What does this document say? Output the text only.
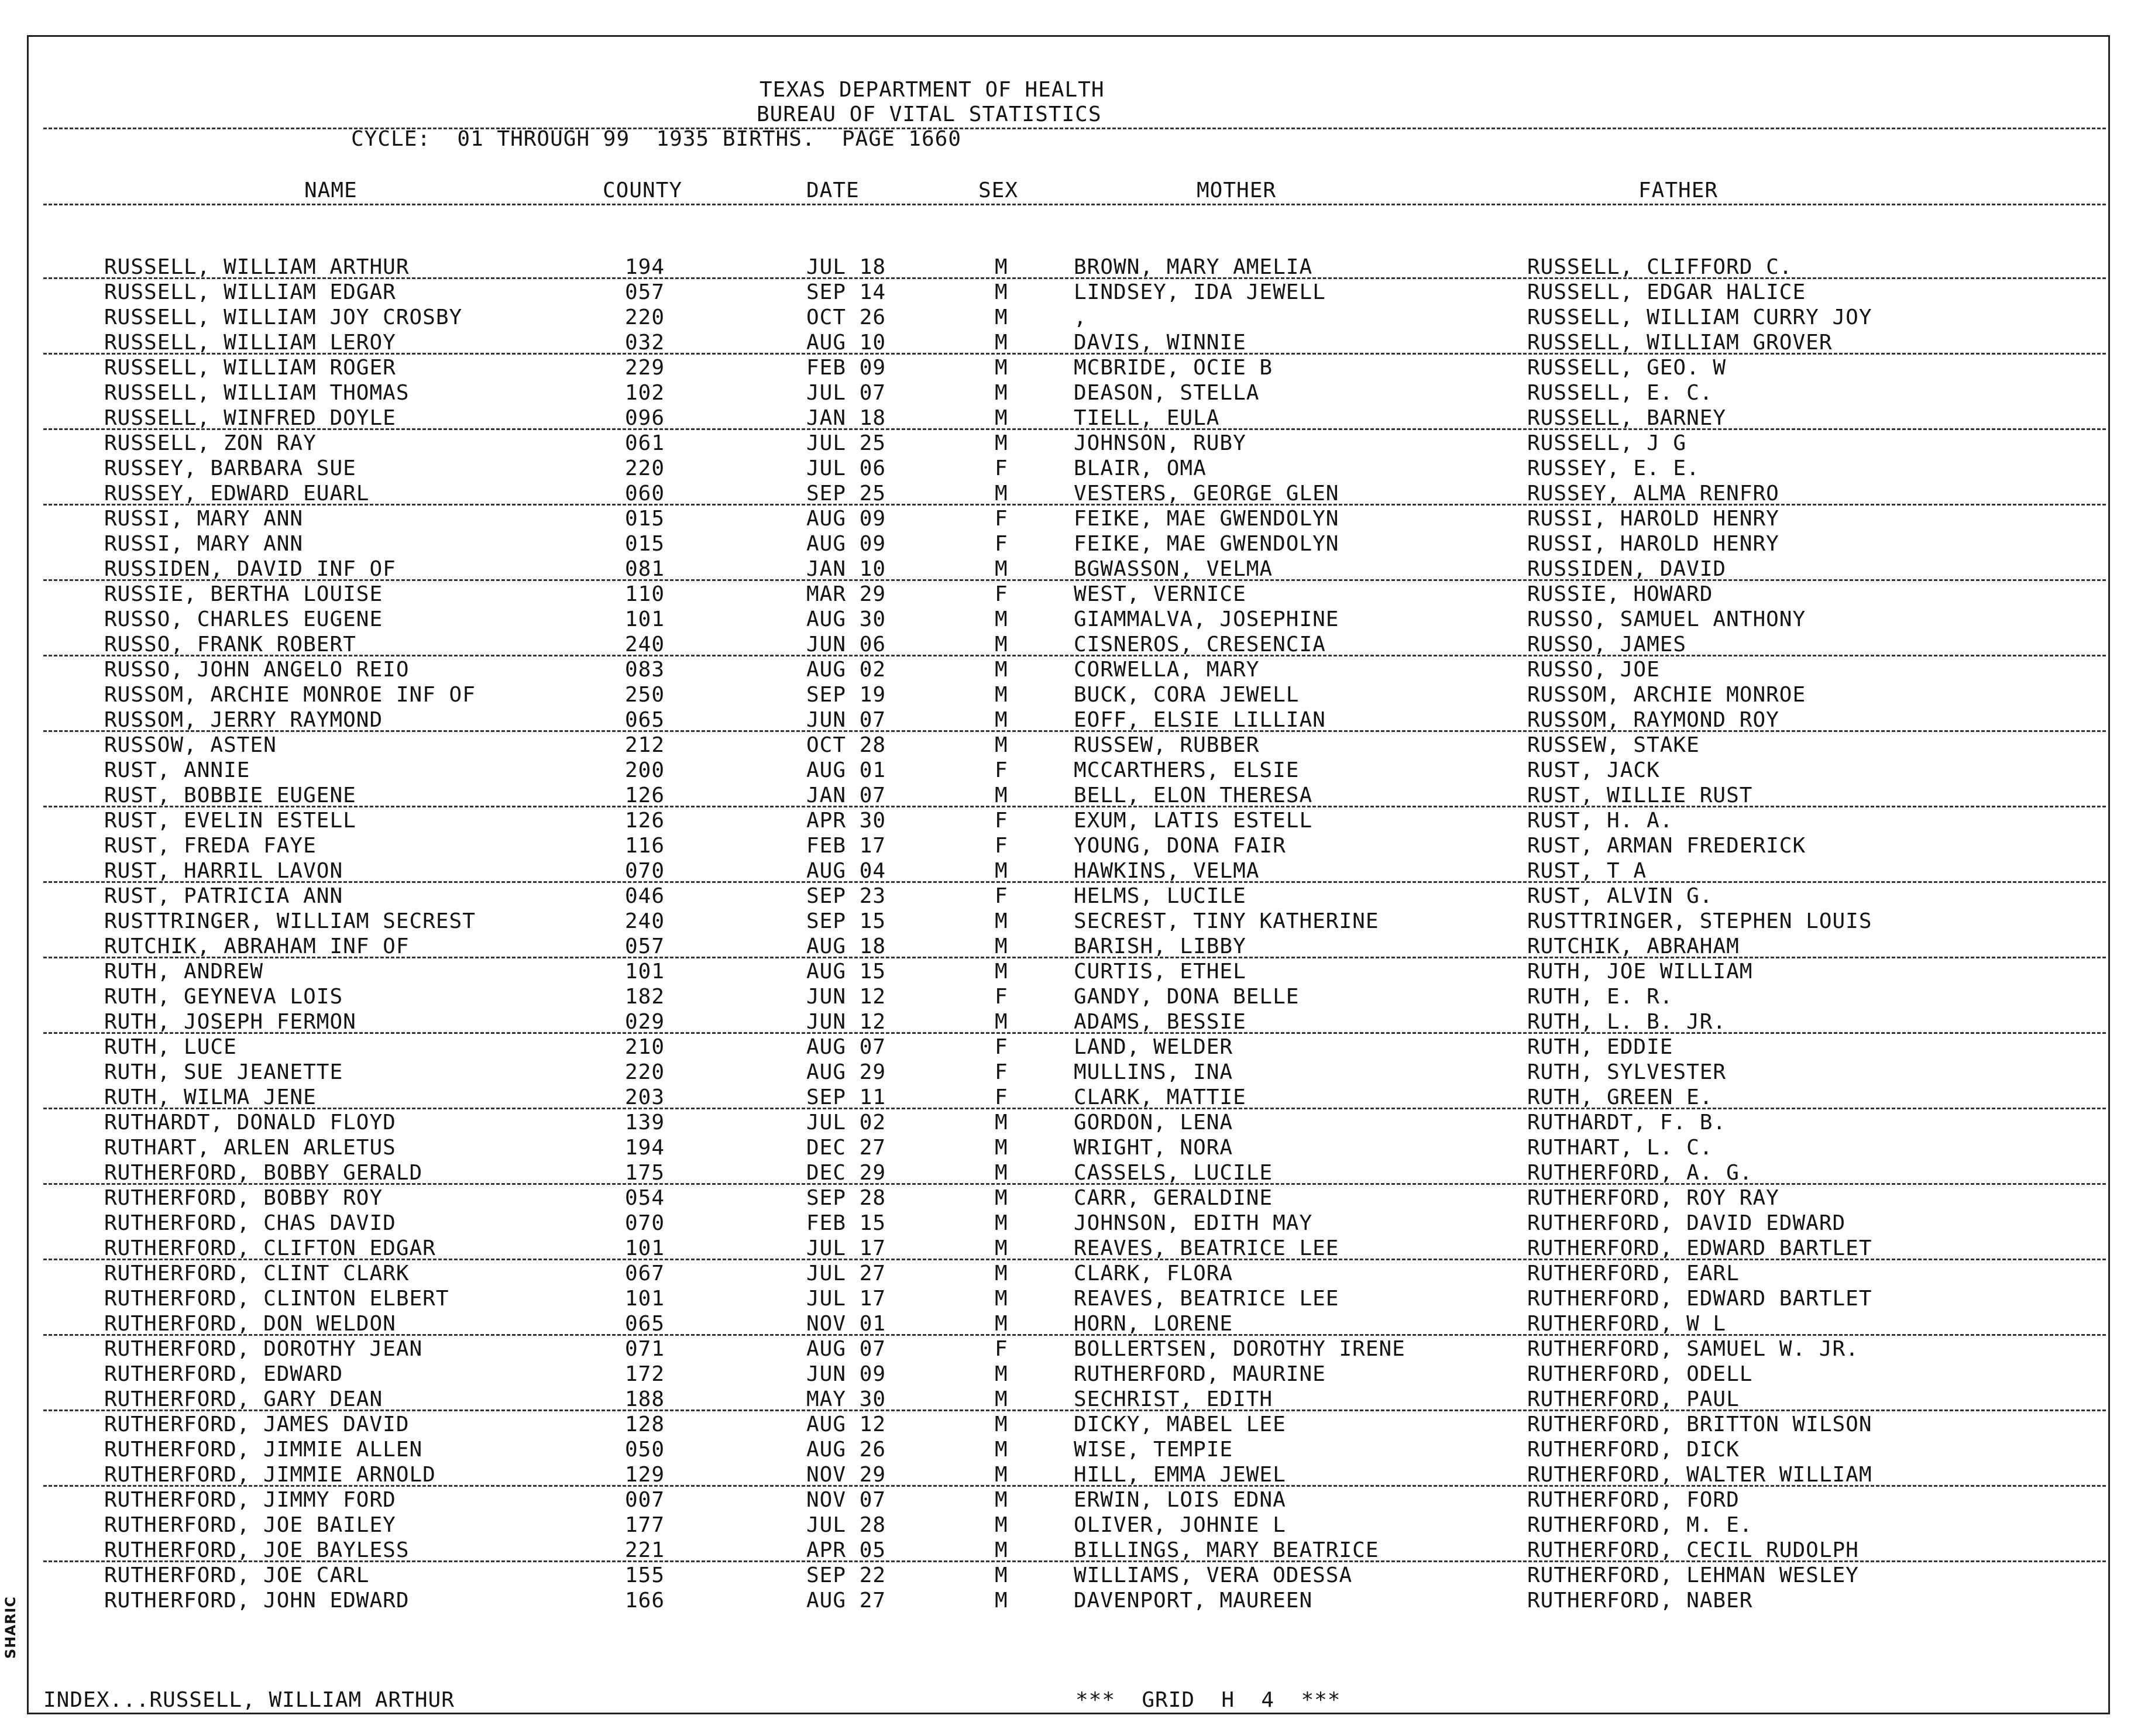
TEXAS DEPARTMENT OF HEALTH
BUREAU OF VITAL STATISTICS
CYCLE:  01 THROUGH 99  1935 BIRTHS.  PAGE 1660
NAME	COUNTY	DATE	SEX	MOTHER	FATHER
RUSSELL, WILLIAM ARTHUR	194	JUL 18	M	BROWN, MARY AMELIA	RUSSELL, CLIFFORD C.
RUSSELL, WILLIAM EDGAR	057	SEP 14	M	LINDSEY, IDA JEWELL	RUSSELL, EDGAR HALICE
RUSSELL, WILLIAM JOY CROSBY	220	OCT 26	M	,	RUSSELL, WILLIAM CURRY JOY
RUSSELL, WILLIAM LEROY	032	AUG 10	M	DAVIS, WINNIE	RUSSELL, WILLIAM GROVER
RUSSELL, WILLIAM ROGER	229	FEB 09	M	MCBRIDE, OCIE B	RUSSELL, GEO. W
RUSSELL, WILLIAM THOMAS	102	JUL 07	M	DEASON, STELLA	RUSSELL, E. C.
RUSSELL, WINFRED DOYLE	096	JAN 18	M	TIELL, EULA	RUSSELL, BARNEY
RUSSELL, ZON RAY	061	JUL 25	M	JOHNSON, RUBY	RUSSELL, J G
RUSSEY, BARBARA SUE	220	JUL 06	F	BLAIR, OMA	RUSSEY, E. E.
RUSSEY, EDWARD EUARL	060	SEP 25	M	VESTERS, GEORGE GLEN	RUSSEY, ALMA RENFRO
RUSSI, MARY ANN	015	AUG 09	F	FEIKE, MAE GWENDOLYN	RUSSI, HAROLD HENRY
RUSSI, MARY ANN	015	AUG 09	F	FEIKE, MAE GWENDOLYN	RUSSI, HAROLD HENRY
RUSSIDEN, DAVID INF OF	081	JAN 10	M	BGWASSON, VELMA	RUSSIDEN, DAVID
RUSSIE, BERTHA LOUISE	110	MAR 29	F	WEST, VERNICE	RUSSIE, HOWARD
RUSSO, CHARLES EUGENE	101	AUG 30	M	GIAMMALVA, JOSEPHINE	RUSSO, SAMUEL ANTHONY
RUSSO, FRANK ROBERT	240	JUN 06	M	CISNEROS, CRESENCIA	RUSSO, JAMES
RUSSO, JOHN ANGELO REIO	083	AUG 02	M	CORWELLA, MARY	RUSSO, JOE
RUSSOM, ARCHIE MONROE INF OF	250	SEP 19	M	BUCK, CORA JEWELL	RUSSOM, ARCHIE MONROE
RUSSOM, JERRY RAYMOND	065	JUN 07	M	EOFF, ELSIE LILLIAN	RUSSOM, RAYMOND ROY
RUSSOW, ASTEN	212	OCT 28	M	RUSSEW, RUBBER	RUSSEW, STAKE
RUST, ANNIE	200	AUG 01	F	MCCARTHERS, ELSIE	RUST, JACK
RUST, BOBBIE EUGENE	126	JAN 07	M	BELL, ELON THERESA	RUST, WILLIE RUST
RUST, EVELIN ESTELL	126	APR 30	F	EXUM, LATIS ESTELL	RUST, H. A.
RUST, FREDA FAYE	116	FEB 17	F	YOUNG, DONA FAIR	RUST, ARMAN FREDERICK
RUST, HARRIL LAVON	070	AUG 04	M	HAWKINS, VELMA	RUST, T A
RUST, PATRICIA ANN	046	SEP 23	F	HELMS, LUCILE	RUST, ALVIN G.
RUSTTRINGER, WILLIAM SECREST	240	SEP 15	M	SECREST, TINY KATHERINE	RUSTTRINGER, STEPHEN LOUIS
RUTCHIK, ABRAHAM INF OF	057	AUG 18	M	BARISH, LIBBY	RUTCHIK, ABRAHAM
RUTH, ANDREW	101	AUG 15	M	CURTIS, ETHEL	RUTH, JOE WILLIAM
RUTH, GEYNEVA LOIS	182	JUN 12	F	GANDY, DONA BELLE	RUTH, E. R.
RUTH, JOSEPH FERMON	029	JUN 12	M	ADAMS, BESSIE	RUTH, L. B. JR.
RUTH, LUCE	210	AUG 07	F	LAND, WELDER	RUTH, EDDIE
RUTH, SUE JEANETTE	220	AUG 29	F	MULLINS, INA	RUTH, SYLVESTER
RUTH, WILMA JENE	203	SEP 11	F	CLARK, MATTIE	RUTH, GREEN E.
RUTHARDT, DONALD FLOYD	139	JUL 02	M	GORDON, LENA	RUTHARDT, F. B.
RUTHART, ARLEN ARLETUS	194	DEC 27	M	WRIGHT, NORA	RUTHART, L. C.
RUTHERFORD, BOBBY GERALD	175	DEC 29	M	CASSELS, LUCILE	RUTHERFORD, A. G.
RUTHERFORD, BOBBY ROY	054	SEP 28	M	CARR, GERALDINE	RUTHERFORD, ROY RAY
RUTHERFORD, CHAS DAVID	070	FEB 15	M	JOHNSON, EDITH MAY	RUTHERFORD, DAVID EDWARD
RUTHERFORD, CLIFTON EDGAR	101	JUL 17	M	REAVES, BEATRICE LEE	RUTHERFORD, EDWARD BARTLET
RUTHERFORD, CLINT CLARK	067	JUL 27	M	CLARK, FLORA	RUTHERFORD, EARL
RUTHERFORD, CLINTON ELBERT	101	JUL 17	M	REAVES, BEATRICE LEE	RUTHERFORD, EDWARD BARTLET
RUTHERFORD, DON WELDON	065	NOV 01	M	HORN, LORENE	RUTHERFORD, W L
RUTHERFORD, DOROTHY JEAN	071	AUG 07	F	BOLLERTSEN, DOROTHY IRENE	RUTHERFORD, SAMUEL W. JR.
RUTHERFORD, EDWARD	172	JUN 09	M	RUTHERFORD, MAURINE	RUTHERFORD, ODELL
RUTHERFORD, GARY DEAN	188	MAY 30	M	SECHRIST, EDITH	RUTHERFORD, PAUL
RUTHERFORD, JAMES DAVID	128	AUG 12	M	DICKY, MABEL LEE	RUTHERFORD, BRITTON WILSON
RUTHERFORD, JIMMIE ALLEN	050	AUG 26	M	WISE, TEMPIE	RUTHERFORD, DICK
RUTHERFORD, JIMMIE ARNOLD	129	NOV 29	M	HILL, EMMA JEWEL	RUTHERFORD, WALTER WILLIAM
RUTHERFORD, JIMMY FORD	007	NOV 07	M	ERWIN, LOIS EDNA	RUTHERFORD, FORD
RUTHERFORD, JOE BAILEY	177	JUL 28	M	OLIVER, JOHNIE L	RUTHERFORD, M. E.
RUTHERFORD, JOE BAYLESS	221	APR 05	M	BILLINGS, MARY BEATRICE	RUTHERFORD, CECIL RUDOLPH
RUTHERFORD, JOE CARL	155	SEP 22	M	WILLIAMS, VERA ODESSA	RUTHERFORD, LEHMAN WESLEY
RUTHERFORD, JOHN EDWARD	166	AUG 27	M	DAVENPORT, MAUREEN	RUTHERFORD, NABER
INDEX...RUSSELL, WILLIAM ARTHUR	***  GRID  H  4  ***
SHARIC
